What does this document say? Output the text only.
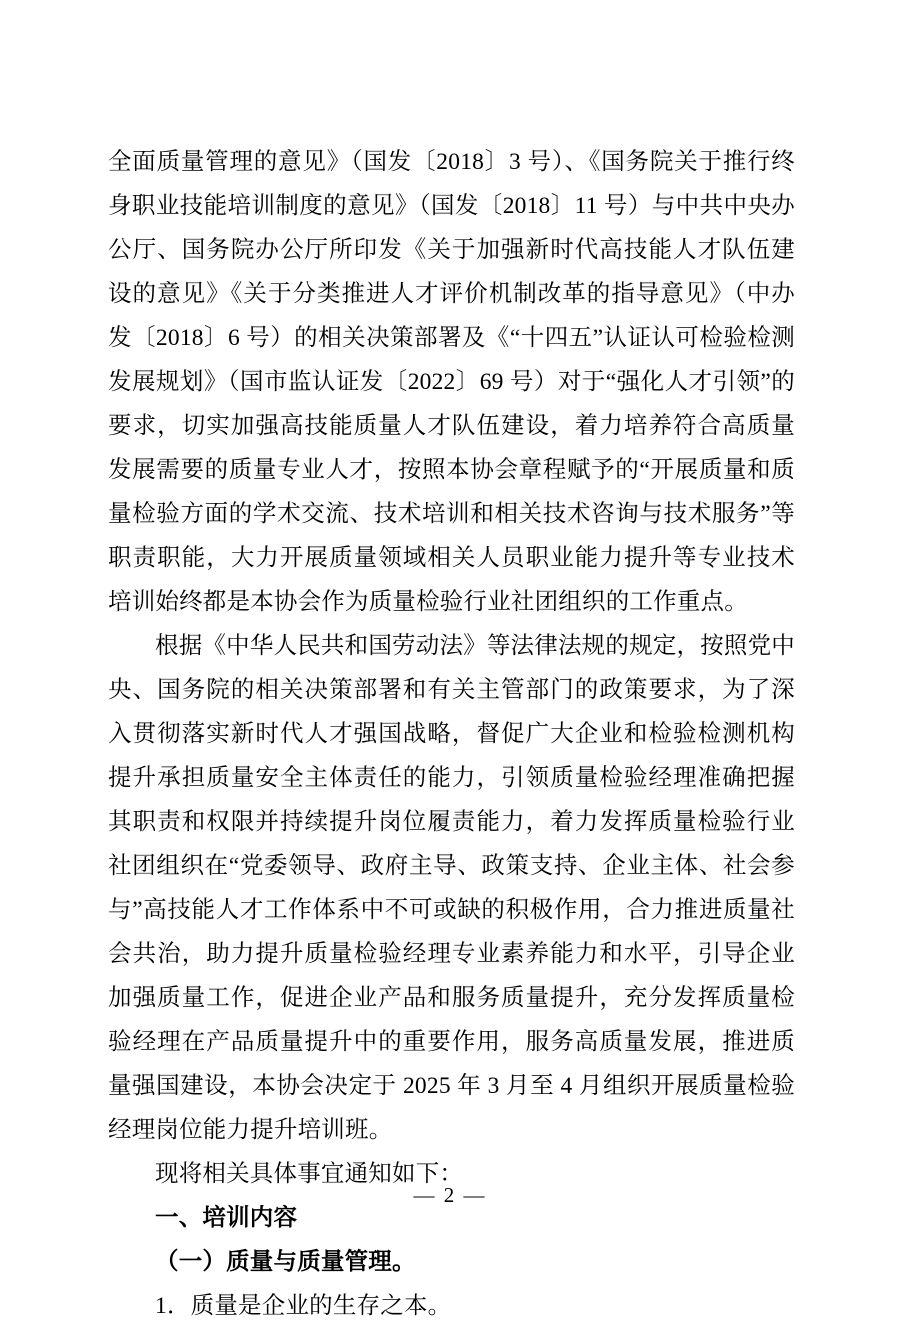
全面质量管理的意见》（国发〔2018〕3 号）、《国务院关于推行终身职业技能培训制度的意见》（国发〔2018〕11 号）与中共中央办公厅、国务院办公厅所印发《关于加强新时代高技能人才队伍建设的意见》《关于分类推进人才评价机制改革的指导意见》（中办发〔2018〕6 号）的相关决策部署及《“十四五”认证认可检验检测发展规划》（国市监认证发〔2022〕69 号）对于“强化人才引领”的要求，切实加强高技能质量人才队伍建设，着力培养符合高质量发展需要的质量专业人才，按照本协会章程赋予的“开展质量和质量检验方面的学术交流、技术培训和相关技术咨询与技术服务”等职责职能，大力开展质量领域相关人员职业能力提升等专业技术培训始终都是本协会作为质量检验行业社团组织的工作重点。

根据《中华人民共和国劳动法》等法律法规的规定，按照党中央、国务院的相关决策部署和有关主管部门的政策要求，为了深入贯彻落实新时代人才强国战略，督促广大企业和检验检测机构提升承担质量安全主体责任的能力，引领质量检验经理准确把握其职责和权限并持续提升岗位履责能力，着力发挥质量检验行业社团组织在“党委领导、政府主导、政策支持、企业主体、社会参与”高技能人才工作体系中不可或缺的积极作用，合力推进质量社会共治，助力提升质量检验经理专业素养能力和水平，引导企业加强质量工作，促进企业产品和服务质量提升，充分发挥质量检验经理在产品质量提升中的重要作用，服务高质量发展，推进质量强国建设，本协会决定于 2025 年 3 月至 4 月组织开展质量检验经理岗位能力提升培训班。

现将相关具体事宜通知如下：

一、培训内容

（一）质量与质量管理。

1．质量是企业的生存之本。

— 2 —
